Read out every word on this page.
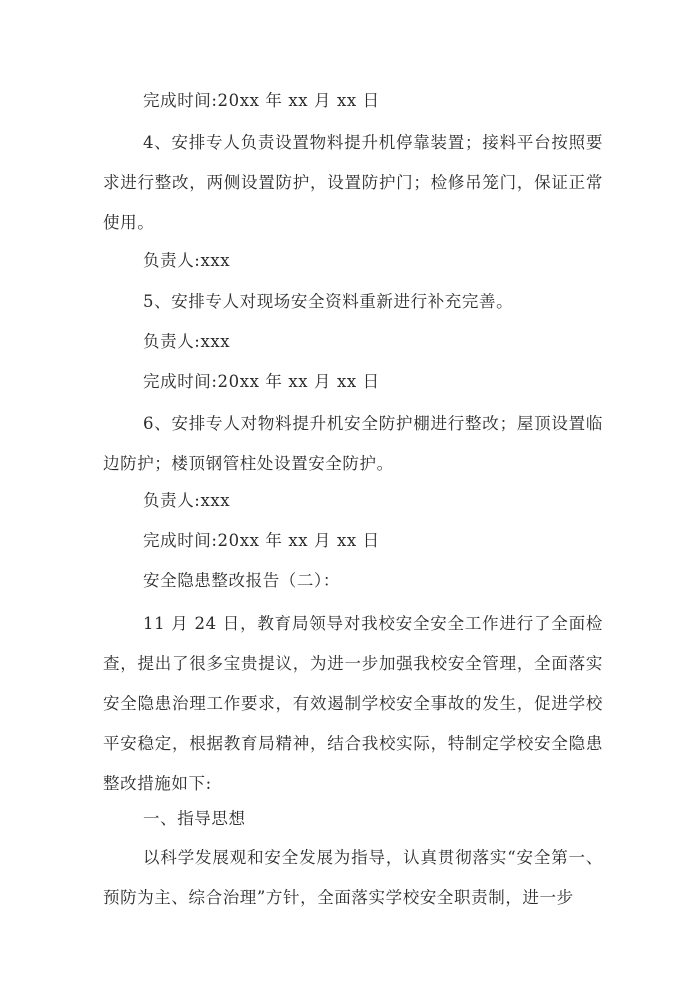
完成时间:20xx 年 xx 月 xx 日
4、安排专人负责设置物料提升机停靠装置；接料平台按照要求进行整改，两侧设置防护，设置防护门；检修吊笼门，保证正常使用。
负责人:xxx
5、安排专人对现场安全资料重新进行补充完善。
负责人:xxx
完成时间:20xx 年 xx 月 xx 日
6、安排专人对物料提升机安全防护棚进行整改；屋顶设置临边防护；楼顶钢管柱处设置安全防护。
负责人:xxx
完成时间:20xx 年 xx 月 xx 日
安全隐患整改报告（二）：
11 月 24 日，教育局领导对我校安全安全工作进行了全面检查，提出了很多宝贵提议，为进一步加强我校安全管理，全面落实安全隐患治理工作要求，有效遏制学校安全事故的发生，促进学校平安稳定，根据教育局精神，结合我校实际，特制定学校安全隐患整改措施如下:
一、指导思想
以科学发展观和安全发展为指导，认真贯彻落实“安全第一、预防为主、综合治理”方针，全面落实学校安全职责制，进一步
